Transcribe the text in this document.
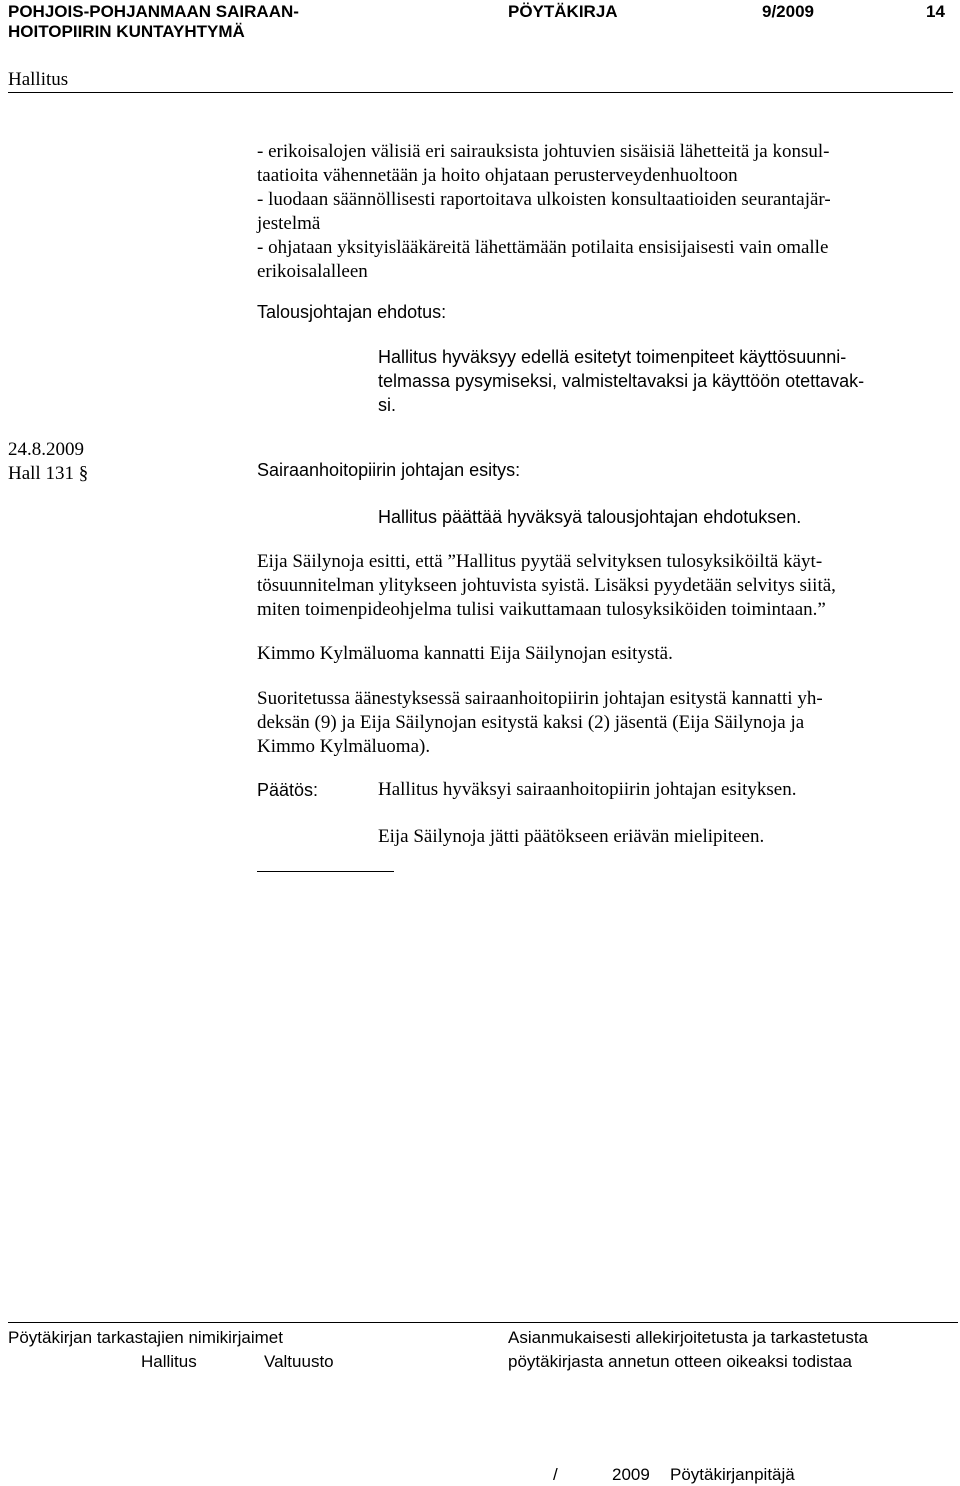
POHJOIS-POHJANMAAN SAIRAAN-
HOITOPIIRIN KUNTAYHTYMÄ
PÖYTÄKIRJA	9/2009	14
Hallitus
- erikoisalojen välisiä eri sairauksista johtuvien sisäisiä lähetteitä ja konsul-
taatioita vähennetään ja hoito ohjataan perusterveydenhuoltoon
- luodaan säännöllisesti raportoitava ulkoisten konsultaatioiden seurantajär-
jestelmä
- ohjataan yksityislääkäreitä lähettämään potilaita ensisijaisesti vain omalle
erikoisalalleen
Talousjohtajan ehdotus:
Hallitus hyväksyy edellä esitetyt toimenpiteet käyttösuunni-
telmassa pysymiseksi, valmisteltavaksi ja käyttöön otettavak-
si.
24.8.2009
Hall 131 §	Sairaanhoitopiirin johtajan esitys:
Hallitus päättää hyväksyä talousjohtajan ehdotuksen.
Eija Säilynoja esitti, että ”Hallitus pyytää selvityksen tulosyksiköiltä käyt-
tösuunnitelman ylitykseen johtuvista syistä. Lisäksi pyydetään selvitys siitä,
miten toimenpideohjelma tulisi vaikuttamaan tulosyksiköiden toimintaan.”
Kimmo Kylmäluoma kannatti Eija Säilynojan esitystä.
Suoritetussa äänestyksessä sairaanhoitopiirin johtajan esitystä kannatti yh-
deksän (9) ja Eija Säilynojan esitystä kaksi (2) jäsentä (Eija Säilynoja ja
Kimmo Kylmäluoma).
Päätös:	Hallitus hyväksyi sairaanhoitopiirin johtajan esityksen.
Eija Säilynoja jätti päätökseen eriävän mielipiteen.
Pöytäkirjan tarkastajien nimikirjaimet
Hallitus	Valtuusto
Asianmukaisesti allekirjoitetusta ja tarkastetusta
pöytäkirjasta annetun otteen oikeaksi todistaa
/	2009 Pöytäkirjanpitäjä
